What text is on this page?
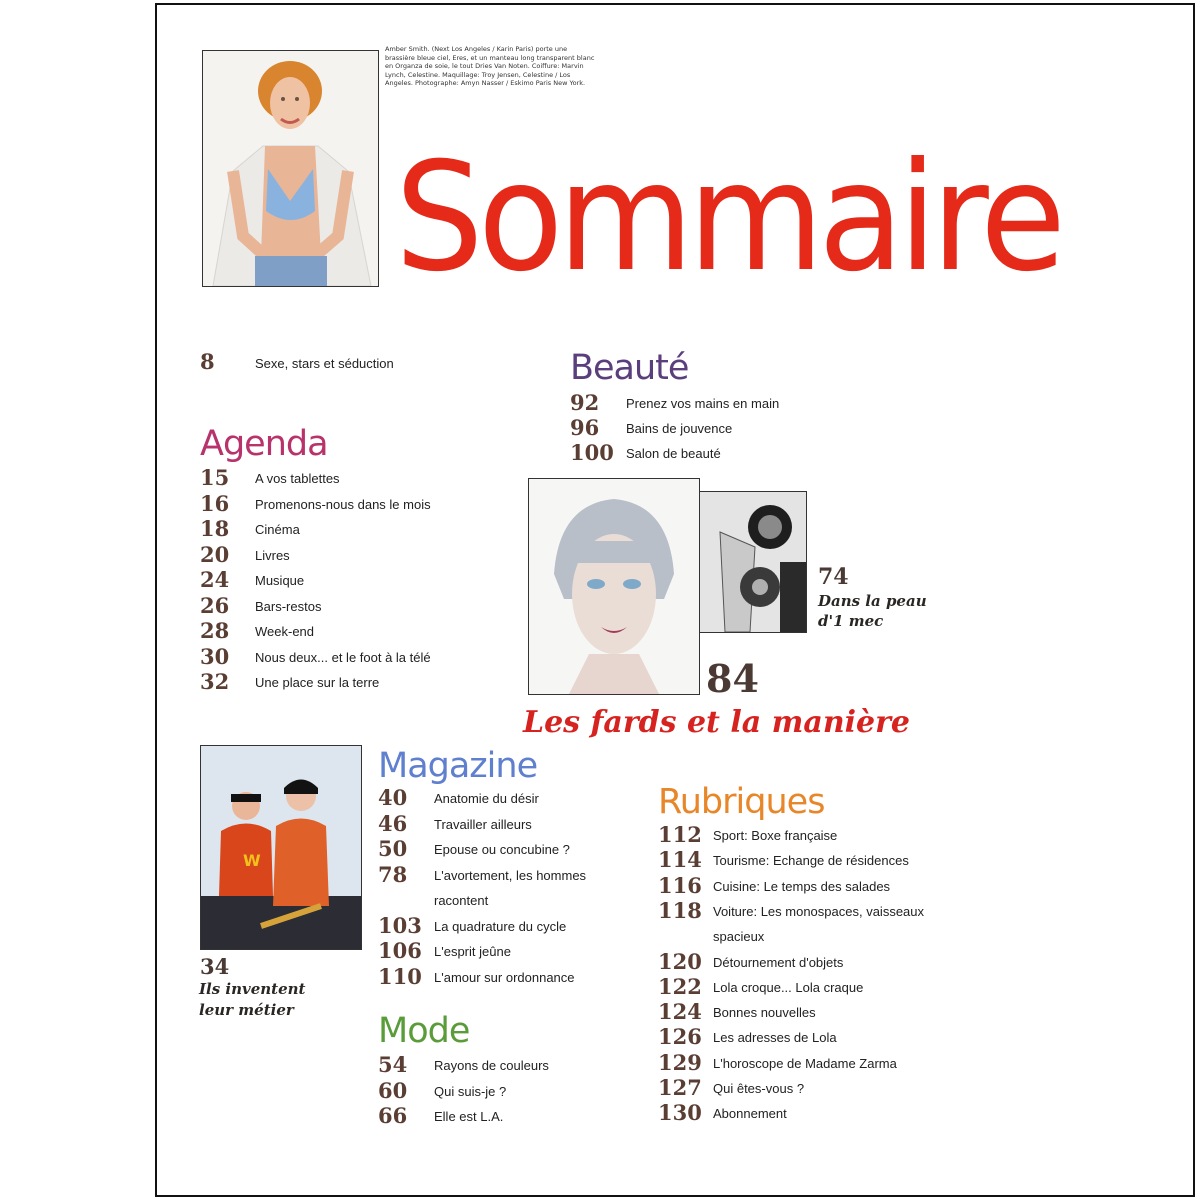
Amber Smith. (Next Los Angeles / Karin Paris) porte une brassière bleue ciel, Eres, et un manteau long transparent blanc en Organza de soie, le tout Dries Van Noten. Coiffure: Marvin Lynch, Celestine. Maquillage: Troy Jensen, Celestine / Los Angeles. Photographe: Amyn Nasser / Eskimo Paris New York.
Sommaire
8	Sexe, stars et séduction
Agenda
15 A vos tablettes
16 Promenons-nous dans le mois
18 Cinéma
20 Livres
24 Musique
26 Bars-restos
28 Week-end
30 Nous deux... et le foot à la télé
32 Une place sur la terre
Beauté
92 Prenez vos mains en main
96 Bains de jouvence
100 Salon de beauté
74
Dans la peau
d'1 mec
84
Les fards et la manière
W
34
Ils inventent
leur métier
Magazine
40 Anatomie du désir
46 Travailler ailleurs
50 Epouse ou concubine ?
78 L'avortement, les hommes
racontent
103 La quadrature du cycle
106 L'esprit jeûne
110 L'amour sur ordonnance
Mode
54 Rayons de couleurs
60 Qui suis-je ?
66 Elle est L.A.
Rubriques
112 Sport: Boxe française
114 Tourisme: Echange de résidences
116 Cuisine: Le temps des salades
118 Voiture: Les monospaces, vaisseaux
spacieux
120 Détournement d'objets
122 Lola croque... Lola craque
124 Bonnes nouvelles
126 Les adresses de Lola
129 L'horoscope de Madame Zarma
127 Qui êtes-vous ?
130 Abonnement
